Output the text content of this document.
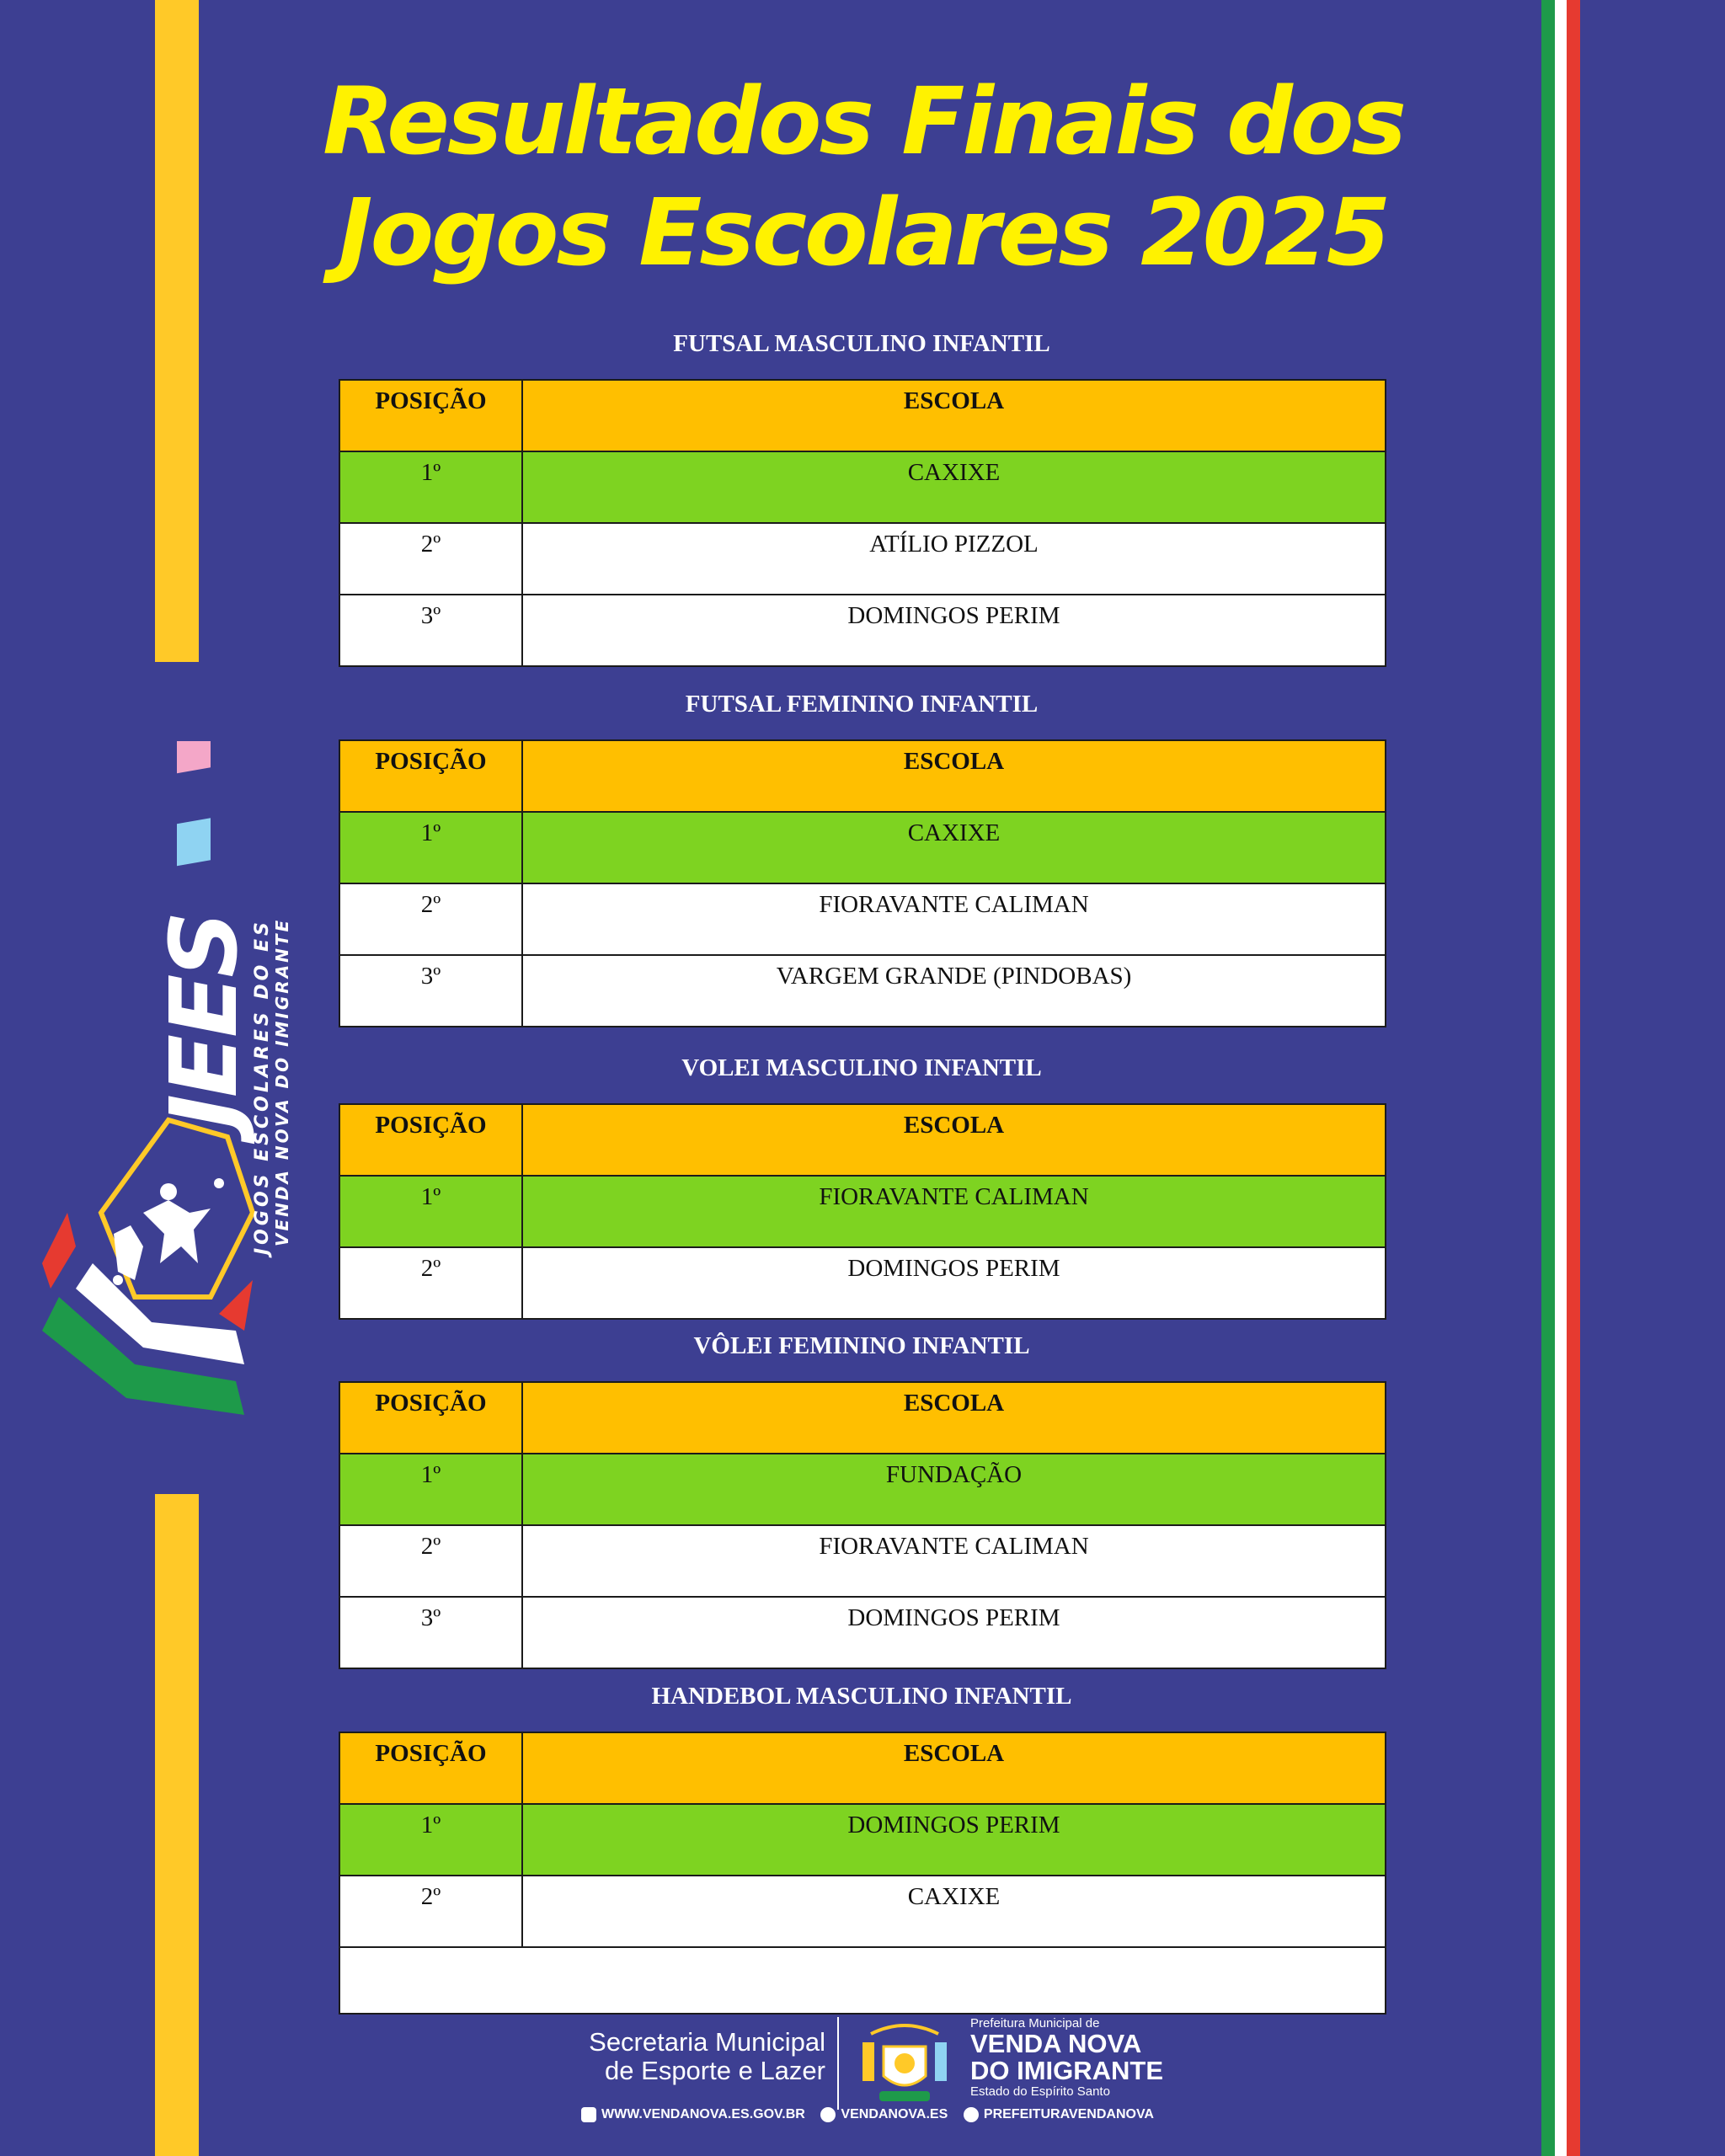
Resultados Finais dos
Jogos Escolares 2025
JEES
JOGOS ESCOLARES DO ES VENDA NOVA DO IMIGRANTE
FUTSAL MASCULINO INFANTIL
POSIÇÃO	ESCOLA
1º	CAXIXE
2º	ATÍLIO PIZZOL
3º	DOMINGOS PERIM
FUTSAL FEMININO INFANTIL
POSIÇÃO	ESCOLA
1º	CAXIXE
2º	FIORAVANTE CALIMAN
3º	VARGEM GRANDE (PINDOBAS)
VOLEI MASCULINO INFANTIL
POSIÇÃO	ESCOLA
1º	FIORAVANTE CALIMAN
2º	DOMINGOS PERIM
VÔLEI FEMININO INFANTIL
POSIÇÃO	ESCOLA
1º	FUNDAÇÃO
2º	FIORAVANTE CALIMAN
3º	DOMINGOS PERIM
HANDEBOL MASCULINO INFANTIL
POSIÇÃO	ESCOLA
1º	DOMINGOS PERIM
2º	CAXIXE

Secretaria Municipal
de Esporte e Lazer
Prefeitura Municipal de
VENDA NOVA
DO IMIGRANTE
Estado do Espírito Santo
WWW.VENDANOVA.ES.GOV.BR	VENDANOVA.ES	PREFEITURAVENDANOVA
